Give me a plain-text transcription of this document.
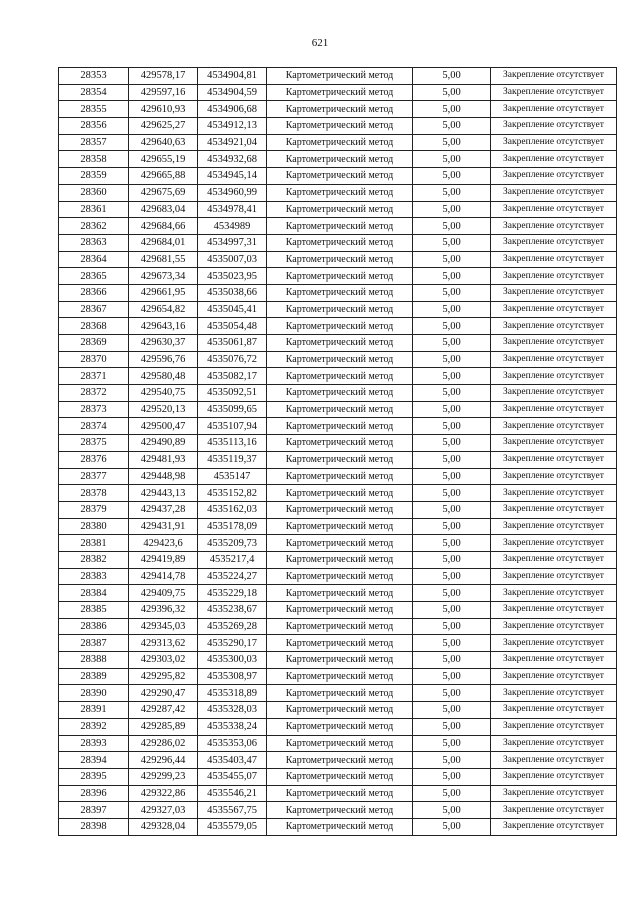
621
28353	429578,17	4534904,81	Картометрический метод	5,00	Закрепление отсутствует
28354	429597,16	4534904,59	Картометрический метод	5,00	Закрепление отсутствует
28355	429610,93	4534906,68	Картометрический метод	5,00	Закрепление отсутствует
28356	429625,27	4534912,13	Картометрический метод	5,00	Закрепление отсутствует
28357	429640,63	4534921,04	Картометрический метод	5,00	Закрепление отсутствует
28358	429655,19	4534932,68	Картометрический метод	5,00	Закрепление отсутствует
28359	429665,88	4534945,14	Картометрический метод	5,00	Закрепление отсутствует
28360	429675,69	4534960,99	Картометрический метод	5,00	Закрепление отсутствует
28361	429683,04	4534978,41	Картометрический метод	5,00	Закрепление отсутствует
28362	429684,66	4534989	Картометрический метод	5,00	Закрепление отсутствует
28363	429684,01	4534997,31	Картометрический метод	5,00	Закрепление отсутствует
28364	429681,55	4535007,03	Картометрический метод	5,00	Закрепление отсутствует
28365	429673,34	4535023,95	Картометрический метод	5,00	Закрепление отсутствует
28366	429661,95	4535038,66	Картометрический метод	5,00	Закрепление отсутствует
28367	429654,82	4535045,41	Картометрический метод	5,00	Закрепление отсутствует
28368	429643,16	4535054,48	Картометрический метод	5,00	Закрепление отсутствует
28369	429630,37	4535061,87	Картометрический метод	5,00	Закрепление отсутствует
28370	429596,76	4535076,72	Картометрический метод	5,00	Закрепление отсутствует
28371	429580,48	4535082,17	Картометрический метод	5,00	Закрепление отсутствует
28372	429540,75	4535092,51	Картометрический метод	5,00	Закрепление отсутствует
28373	429520,13	4535099,65	Картометрический метод	5,00	Закрепление отсутствует
28374	429500,47	4535107,94	Картометрический метод	5,00	Закрепление отсутствует
28375	429490,89	4535113,16	Картометрический метод	5,00	Закрепление отсутствует
28376	429481,93	4535119,37	Картометрический метод	5,00	Закрепление отсутствует
28377	429448,98	4535147	Картометрический метод	5,00	Закрепление отсутствует
28378	429443,13	4535152,82	Картометрический метод	5,00	Закрепление отсутствует
28379	429437,28	4535162,03	Картометрический метод	5,00	Закрепление отсутствует
28380	429431,91	4535178,09	Картометрический метод	5,00	Закрепление отсутствует
28381	429423,6	4535209,73	Картометрический метод	5,00	Закрепление отсутствует
28382	429419,89	4535217,4	Картометрический метод	5,00	Закрепление отсутствует
28383	429414,78	4535224,27	Картометрический метод	5,00	Закрепление отсутствует
28384	429409,75	4535229,18	Картометрический метод	5,00	Закрепление отсутствует
28385	429396,32	4535238,67	Картометрический метод	5,00	Закрепление отсутствует
28386	429345,03	4535269,28	Картометрический метод	5,00	Закрепление отсутствует
28387	429313,62	4535290,17	Картометрический метод	5,00	Закрепление отсутствует
28388	429303,02	4535300,03	Картометрический метод	5,00	Закрепление отсутствует
28389	429295,82	4535308,97	Картометрический метод	5,00	Закрепление отсутствует
28390	429290,47	4535318,89	Картометрический метод	5,00	Закрепление отсутствует
28391	429287,42	4535328,03	Картометрический метод	5,00	Закрепление отсутствует
28392	429285,89	4535338,24	Картометрический метод	5,00	Закрепление отсутствует
28393	429286,02	4535353,06	Картометрический метод	5,00	Закрепление отсутствует
28394	429296,44	4535403,47	Картометрический метод	5,00	Закрепление отсутствует
28395	429299,23	4535455,07	Картометрический метод	5,00	Закрепление отсутствует
28396	429322,86	4535546,21	Картометрический метод	5,00	Закрепление отсутствует
28397	429327,03	4535567,75	Картометрический метод	5,00	Закрепление отсутствует
28398	429328,04	4535579,05	Картометрический метод	5,00	Закрепление отсутствует
